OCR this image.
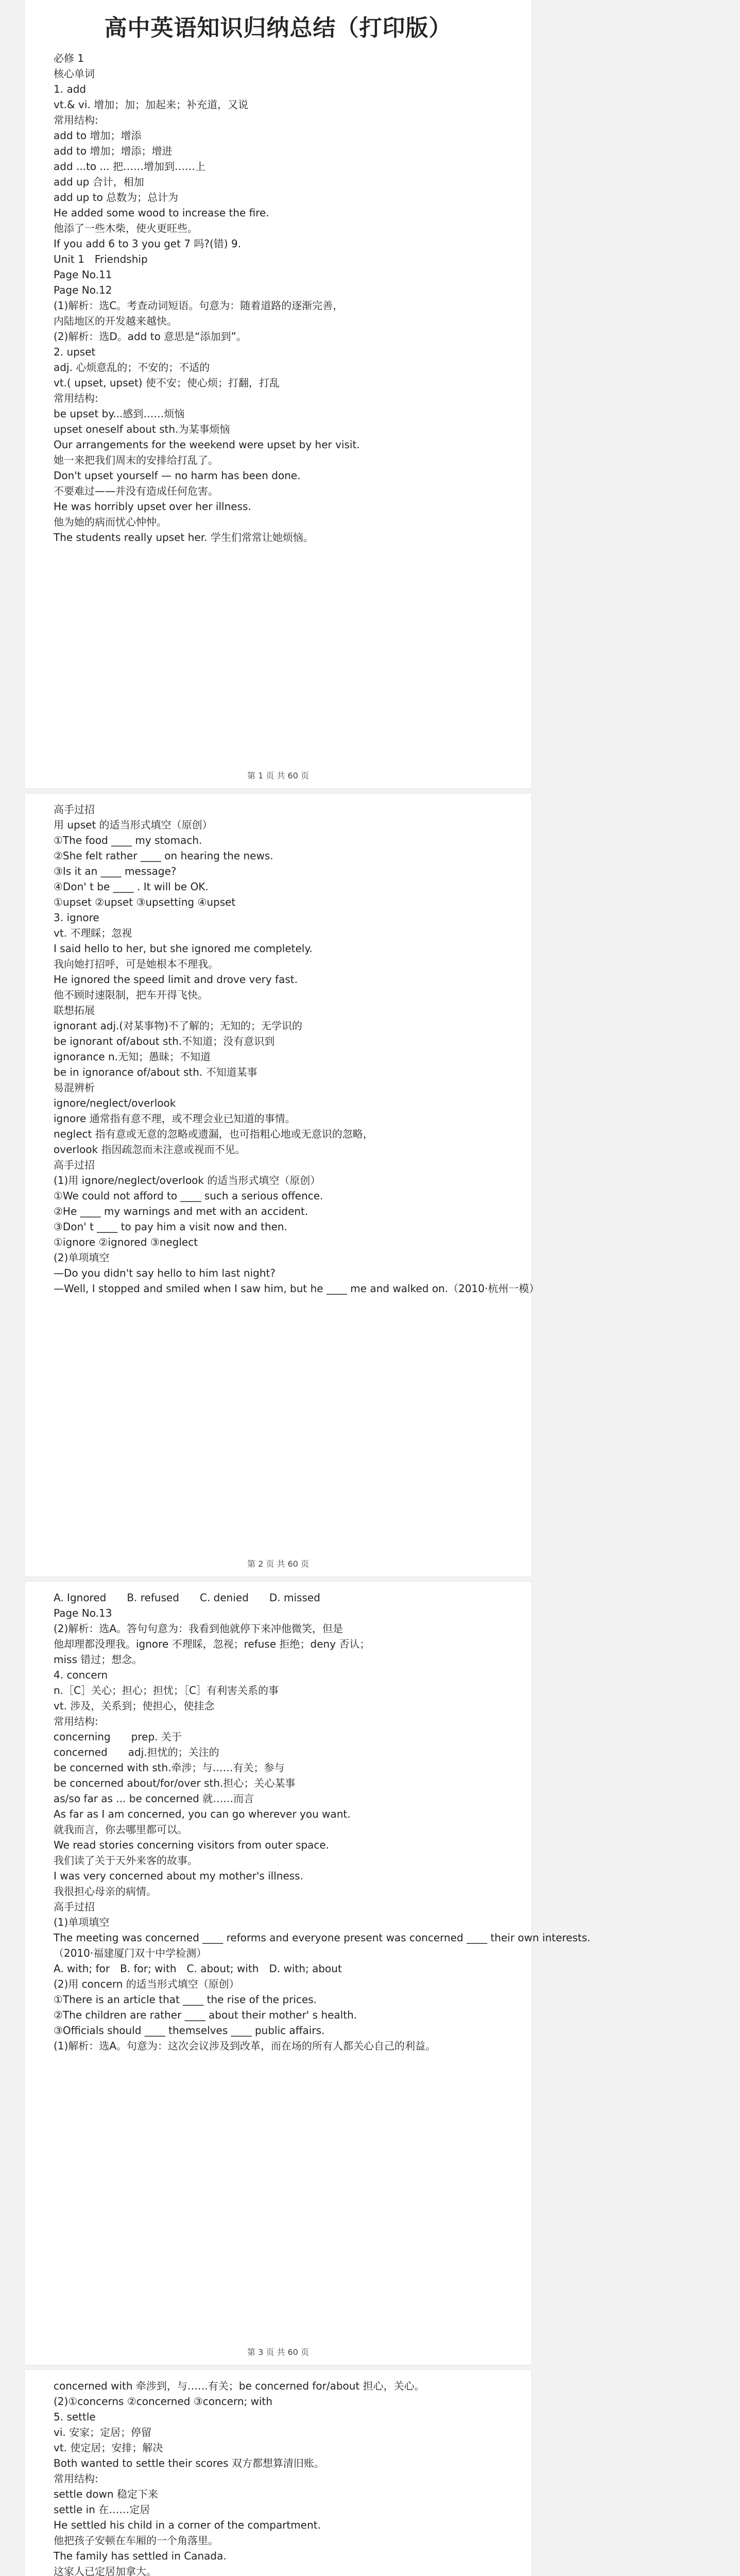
高中英语知识归纳总结（打印版）
必修 1
核心单词
1. add
vt.& vi. 增加；加；加起来；补充道，又说
常用结构:
add to 增加；增添
add to 增加；增添；增进
add ...to ... 把……增加到……上
add up 合计，相加
add up to 总数为；总计为
He added some wood to increase the fire.
他添了一些木柴，使火更旺些。
If you add 6 to 3 you get 7 吗?(错) 9.
Unit 1　Friendship
Page No.11
Page No.12
(1)解析：选C。考查动词短语。句意为：随着道路的逐渐完善，
内陆地区的开发越来越快。
(2)解析：选D。add to 意思是“添加到”。
2. upset
adj. 心烦意乱的；不安的；不适的
vt.( upset, upset) 使不安；使心烦；打翻，打乱
常用结构:
be upset by...感到……烦恼
upset oneself about sth.为某事烦恼
Our arrangements for the weekend were upset by her visit.
她一来把我们周末的安排给打乱了。
Don't upset yourself — no harm has been done.
不要难过——并没有造成任何危害。
He was horribly upset over her illness.
他为她的病而忧心忡忡。
The students really upset her. 学生们常常让她烦恼。
第 1 页 共 60 页
高手过招
用 upset 的适当形式填空（原创）
①The food ____ my stomach.
②She felt rather ____ on hearing the news.
③Is it an ____ message?
④Don' t be ____ . It will be OK.
①upset ②upset ③upsetting ④upset
3. ignore
vt. 不理睬；忽视
I said hello to her, but she ignored me completely.
我向她打招呼，可是她根本不理我。
He ignored the speed limit and drove very fast.
他不顾时速限制，把车开得飞快。
联想拓展
ignorant adj.(对某事物)不了解的；无知的；无学识的
be ignorant of/about sth.不知道；没有意识到
ignorance n.无知；愚昧；不知道
be in ignorance of/about sth. 不知道某事
易混辨析
ignore/neglect/overlook
ignore 通常指有意不理，或不理会业已知道的事情。
neglect 指有意或无意的忽略或遗漏，也可指粗心地或无意识的忽略，
overlook 指因疏忽而未注意或视而不见。
高手过招
(1)用 ignore/neglect/overlook 的适当形式填空（原创）
①We could not afford to ____ such a serious offence.
②He ____ my warnings and met with an accident.
③Don' t ____ to pay him a visit now and then.
①ignore ②ignored ③neglect
(2)单项填空
—Do you didn't say hello to him last night?
—Well, I stopped and smiled when I saw him, but he ____ me and walked on.（2010·杭州一模）
第 2 页 共 60 页
A. Ignored　　B. refused　　C. denied　　D. missed
Page No.13
(2)解析：选A。答句句意为：我看到他就停下来冲他微笑，但是
他却理都没理我。ignore 不理睬，忽视；refuse 拒绝；deny 否认；
miss 错过；想念。
4. concern
n.［C］关心；担心；担忧；［C］有利害关系的事
vt. 涉及，关系到；使担心，使挂念
常用结构:
concerning　　prep. 关于
concerned　　adj.担忧的；关注的
be concerned with sth.牵涉；与……有关；参与
be concerned about/for/over sth.担心；关心某事
as/so far as ... be concerned 就……而言
As far as I am concerned, you can go wherever you want.
就我而言，你去哪里都可以。
We read stories concerning visitors from outer space.
我们读了关于天外来客的故事。
I was very concerned about my mother's illness.
我很担心母亲的病情。
高手过招
(1)单项填空
The meeting was concerned ____ reforms and everyone present was concerned ____ their own interests.
（2010·福建厦门双十中学检测）
A. with; for　B. for; with　C. about; with　D. with; about
(2)用 concern 的适当形式填空（原创）
①There is an article that ____ the rise of the prices.
②The children are rather ____ about their mother' s health.
③Officials should ____ themselves ____ public affairs.
(1)解析：选A。句意为：这次会议涉及到改革，而在场的所有人都关心自己的利益。
第 3 页 共 60 页
concerned with 牵涉到，与……有关；be concerned for/about 担心，关心。
(2)①concerns ②concerned ③concern; with
5. settle
vi. 安家；定居；停留
vt. 使定居；安排；解决
Both wanted to settle their scores 双方都想算清旧账。
常用结构:
settle down 稳定下来
settle in 在……定居
He settled his child in a corner of the compartment.
他把孩子安顿在车厢的一个角落里。
The family has settled in Canada.
这家人已定居加拿大。
